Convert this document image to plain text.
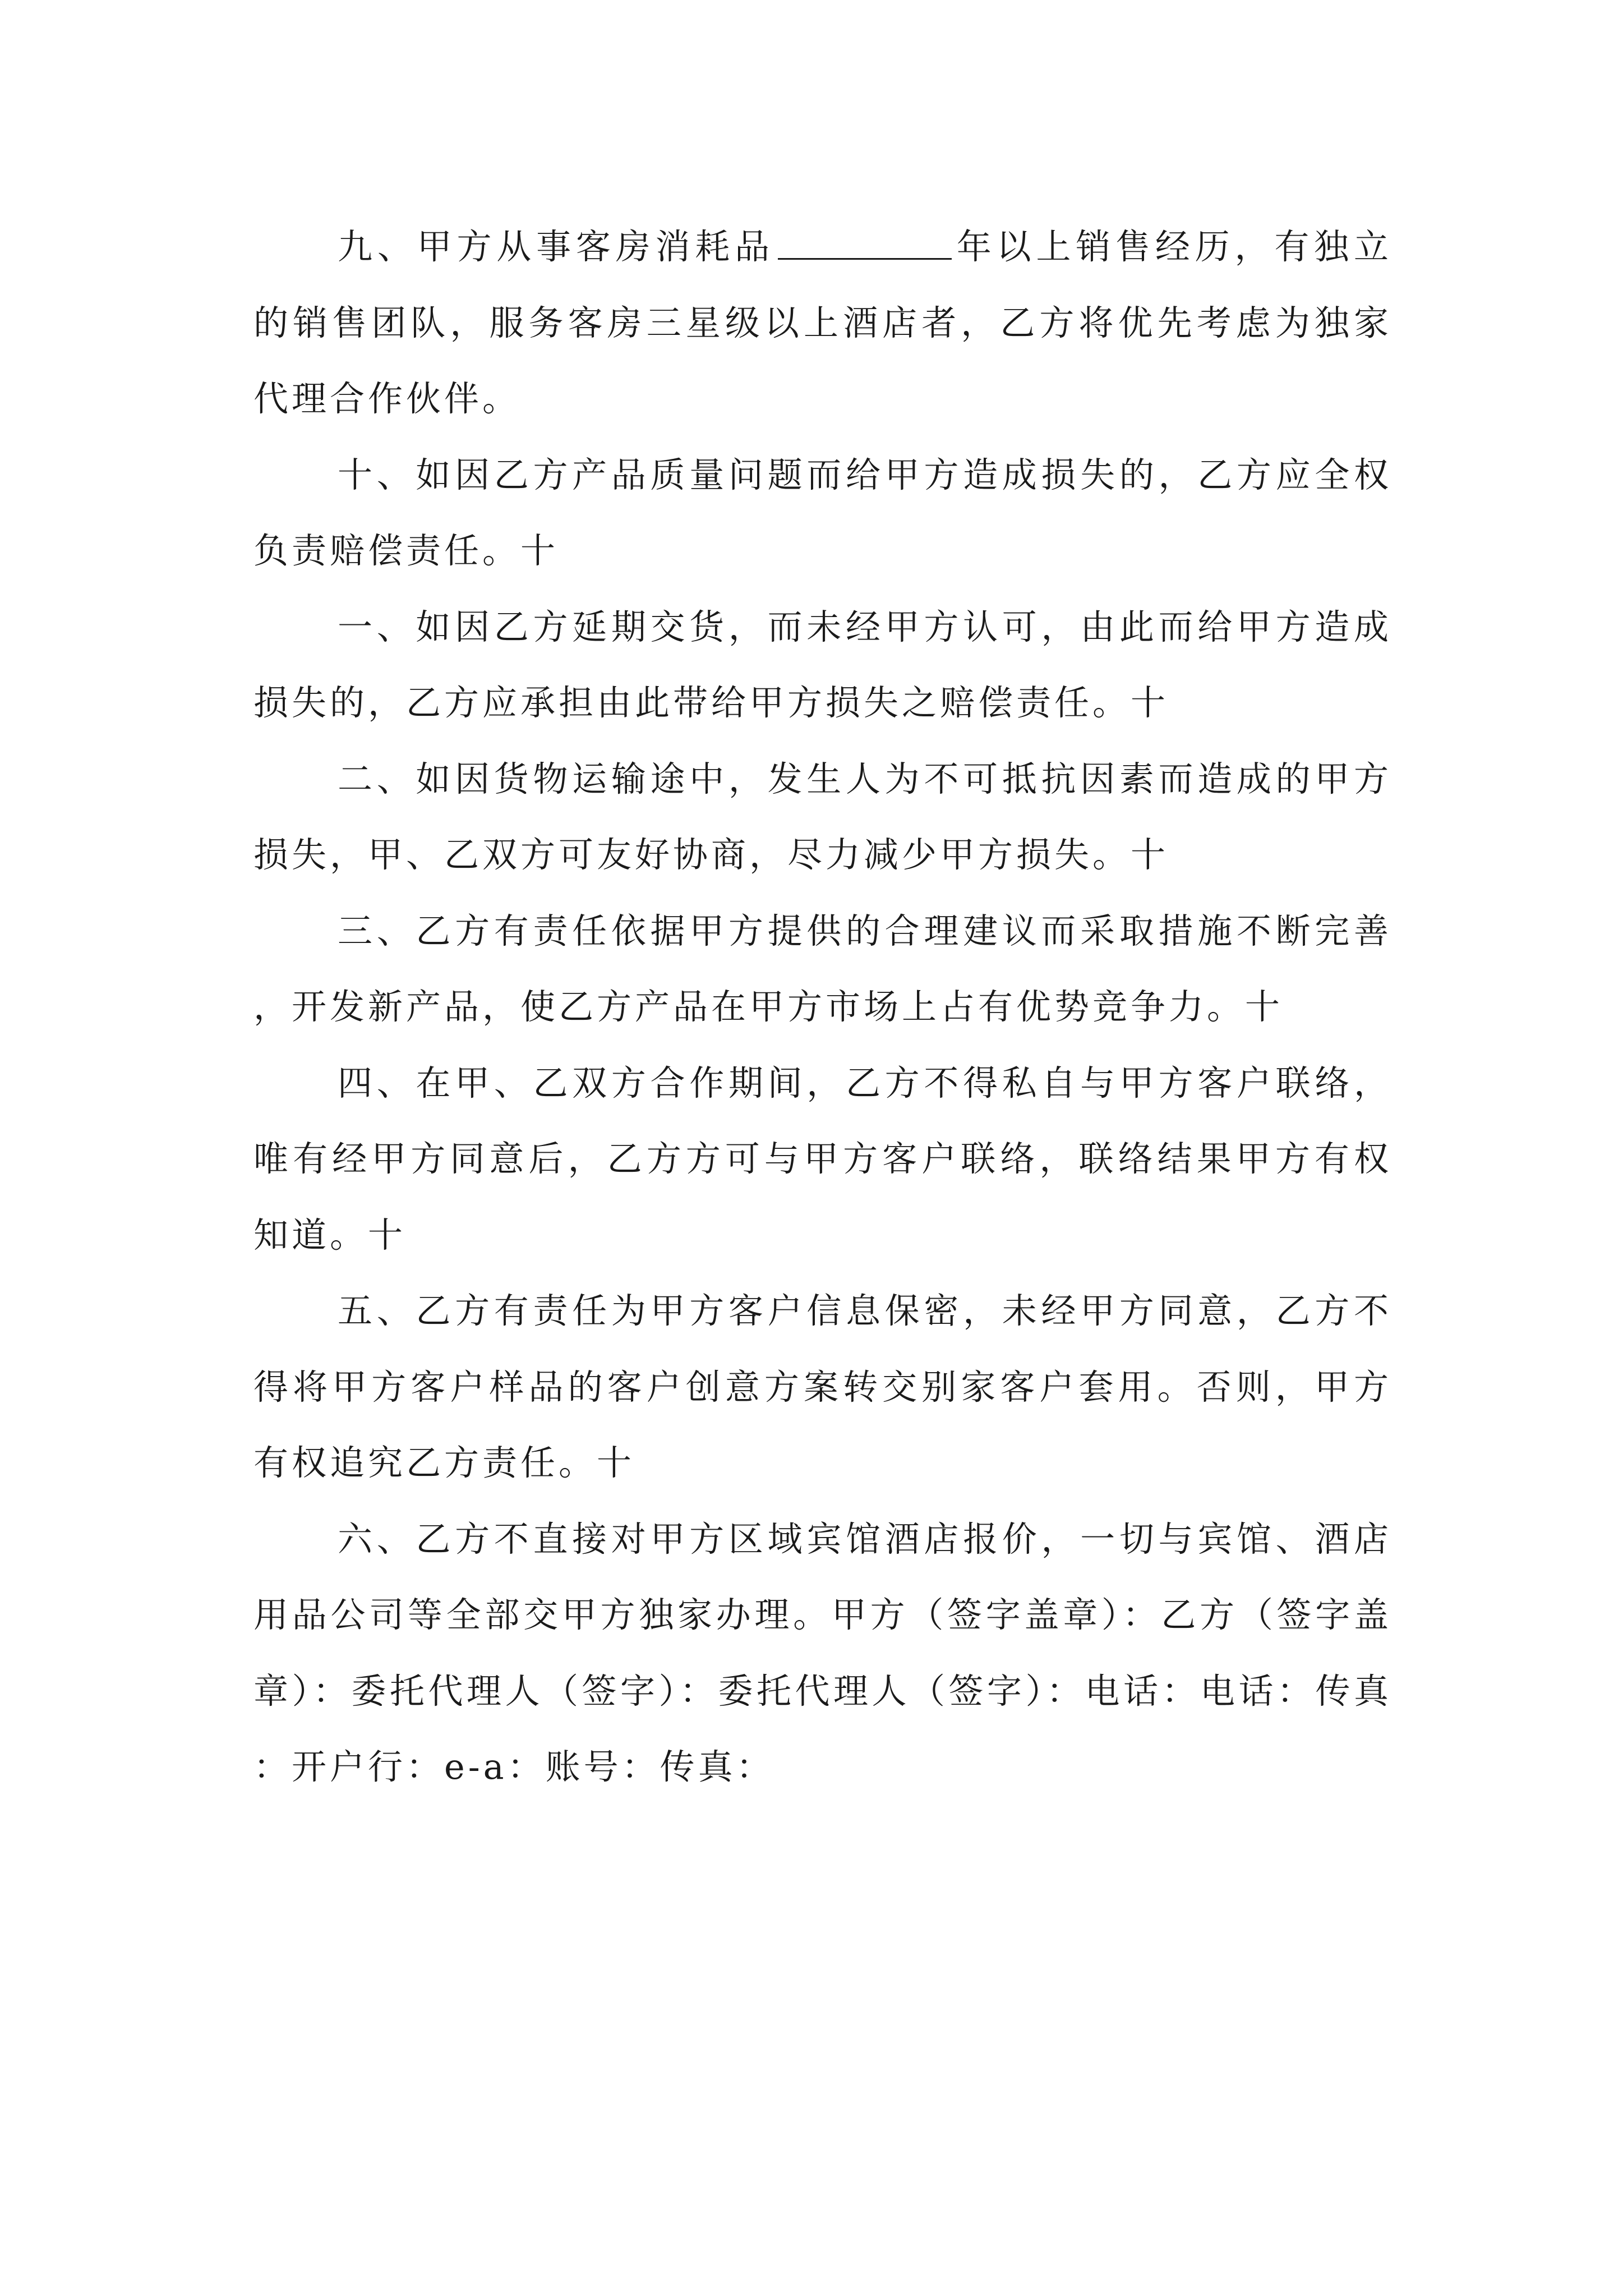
九、甲方从事客房消耗品	年以上销售经历，有独立的销售团队，服务客房三星级以上酒店者，乙方将优先考虑为独家代理合作伙伴。

十、如因乙方产品质量问题而给甲方造成损失的，乙方应全权负责赔偿责任。十

一、如因乙方延期交货，而未经甲方认可，由此而给甲方造成损失的，乙方应承担由此带给甲方损失之赔偿责任。十

二、如因货物运输途中，发生人为不可抵抗因素而造成的甲方损失，甲、乙双方可友好协商，尽力减少甲方损失。十

三、乙方有责任依据甲方提供的合理建议而采取措施不断完善，开发新产品，使乙方产品在甲方市场上占有优势竞争力。十

四、在甲、乙双方合作期间，乙方不得私自与甲方客户联络，唯有经甲方同意后，乙方方可与甲方客户联络，联络结果甲方有权知道。十

五、乙方有责任为甲方客户信息保密，未经甲方同意，乙方不得将甲方客户样品的客户创意方案转交别家客户套用。否则，甲方有权追究乙方责任。十

六、乙方不直接对甲方区域宾馆酒店报价，一切与宾馆、酒店用品公司等全部交甲方独家办理。甲方（签字盖章）：乙方（签字盖章）：委托代理人（签字）：委托代理人（签字）：电话：电话：传真：开户行：e-a：账号：传真：
